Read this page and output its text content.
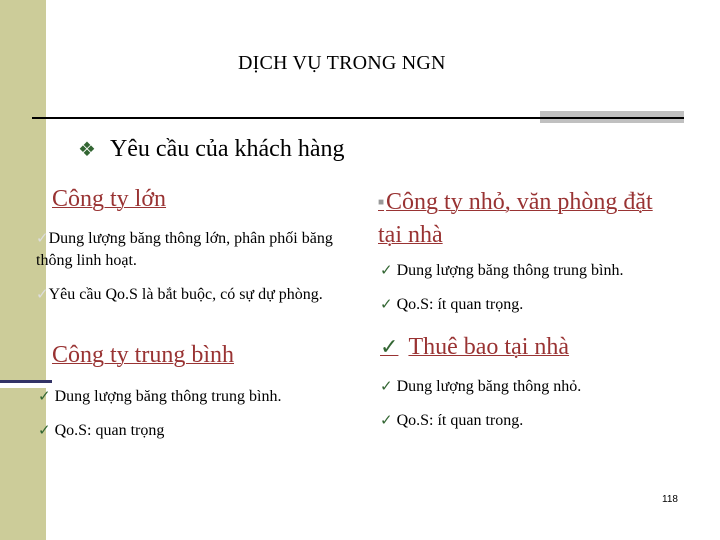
DỊCH VỤ TRONG NGN
❖ Yêu cầu của khách hàng
Công ty lớn
✓Dung lượng băng thông lớn, phân phối băng thông linh hoạt.
✓Yêu cầu Qo.S là bắt buộc, có sự dự phòng.
Công ty trung bình
✓ Dung lượng băng thông trung bình.
✓ Qo.S: quan trọng
■Công ty nhỏ, văn phòng đặt tại nhà
✓ Dung lượng băng thông trung bình.
✓ Qo.S: ít quan trọng.
✓ Thuê bao tại nhà
✓ Dung lượng băng thông nhỏ.
✓ Qo.S: ít quan trong.
118
